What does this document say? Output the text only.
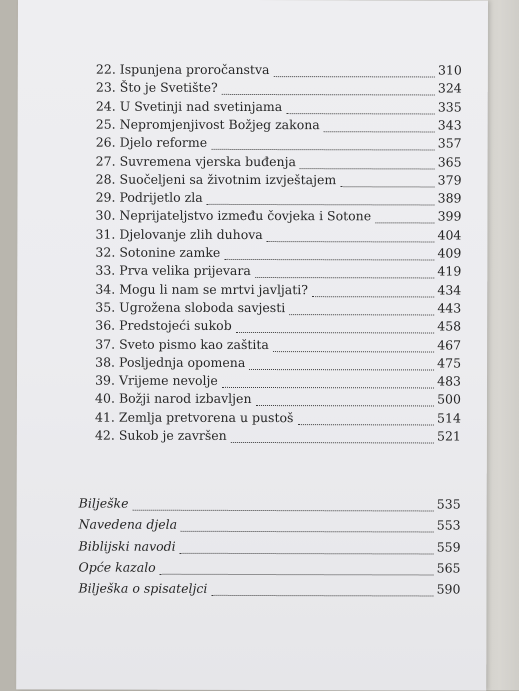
22. Ispunjena proročanstva	310
23. Što je Svetište?	324
24. U Svetinji nad svetinjama	335
25. Nepromjenjivost Božjeg zakona	343
26. Djelo reforme	357
27. Suvremena vjerska buđenja	365
28. Suočeljeni sa životnim izvještajem	379
29. Podrijetlo zla	389
30. Neprijateljstvo između čovjeka i Sotone	399
31. Djelovanje zlih duhova	404
32. Sotonine zamke	409
33. Prva velika prijevara	419
34. Mogu li nam se mrtvi javljati?	434
35. Ugrožena sloboda savjesti	443
36. Predstojeći sukob	458
37. Sveto pismo kao zaštita	467
38. Posljednja opomena	475
39. Vrijeme nevolje	483
40. Božji narod izbavljen	500
41. Zemlja pretvorena u pustoš	514
42. Sukob je završen	521
Bilješke	535
Navedena djela	553
Biblijski navodi	559
Opće kazalo	565
Bilješka o spisateljci	590
